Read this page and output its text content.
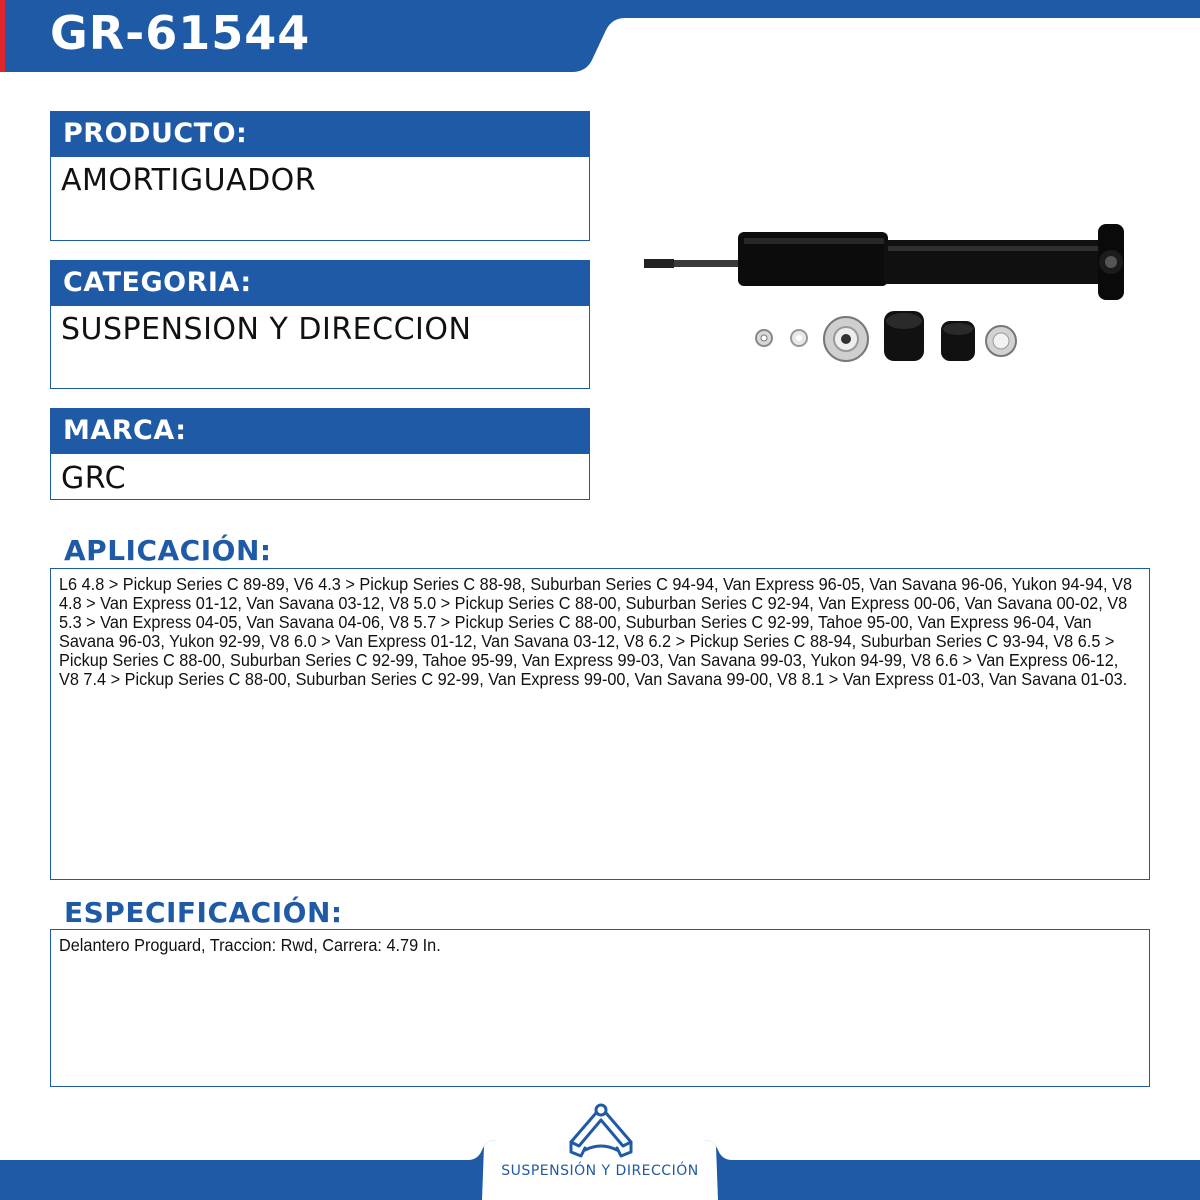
GR-61544
PRODUCTO:
AMORTIGUADOR
CATEGORIA:
SUSPENSION Y DIRECCION
MARCA:
GRC
APLICACIÓN:
L6 4.8 > Pickup Series C 89-89, V6 4.3 > Pickup Series C 88-98, Suburban Series C 94-94, Van Express 96-05, Van Savana 96-06, Yukon 94-94, V8 4.8 > Van Express 01-12, Van Savana 03-12, V8 5.0 > Pickup Series C 88-00, Suburban Series C 92-94, Van Express 00-06, Van Savana 00-02, V8 5.3 > Van Express 04-05, Van Savana 04-06, V8 5.7 > Pickup Series C 88-00, Suburban Series C 92-99, Tahoe 95-00, Van Express 96-04, Van Savana 96-03, Yukon 92-99, V8 6.0 > Van Express 01-12, Van Savana 03-12, V8 6.2 > Pickup Series C 88-94, Suburban Series C 93-94, V8 6.5 > Pickup Series C 88-00, Suburban Series C 92-99, Tahoe 95-99, Van Express 99-03, Van Savana 99-03, Yukon 94-99, V8 6.6 > Van Express 06-12, V8 7.4 > Pickup Series C 88-00, Suburban Series C 92-99, Van Express 99-00, Van Savana 99-00, V8 8.1 > Van Express 01-03, Van Savana 01-03.
ESPECIFICACIÓN:
Delantero Proguard, Traccion: Rwd, Carrera: 4.79 In.
SUSPENSIÓN Y DIRECCIÓN
